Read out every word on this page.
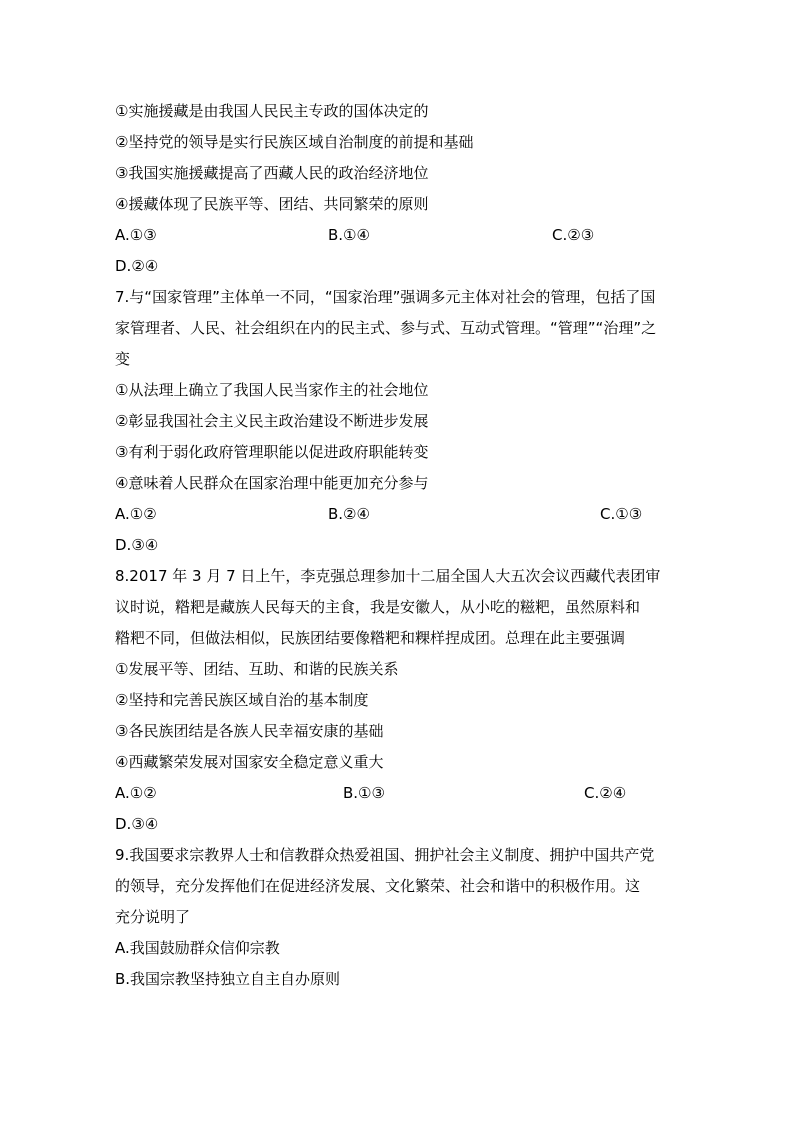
①实施援藏是由我国人民民主专政的国体决定的
②坚持党的领导是实行民族区域自治制度的前提和基础
③我国实施援藏提高了西藏人民的政治经济地位
④援藏体现了民族平等、团结、共同繁荣的原则
A.①③	B.①④	C.②③
D.②④
7.与“国家管理”主体单一不同，“国家治理”强调多元主体对社会的管理，包括了国
家管理者、人民、社会组织在内的民主式、参与式、互动式管理。“管理”“治理”之
变
①从法理上确立了我国人民当家作主的社会地位
②彰显我国社会主义民主政治建设不断进步发展
③有利于弱化政府管理职能以促进政府职能转变
④意味着人民群众在国家治理中能更加充分参与
A.①②	B.②④	C.①③
D.③④
8.2017 年 3 月 7 日上午，李克强总理参加十二届全国人大五次会议西藏代表团审
议时说，糌粑是藏族人民每天的主食，我是安徽人，从小吃的糍粑，虽然原料和
糌粑不同，但做法相似，民族团结要像糌粑和粿样捏成团。总理在此主要强调
①发展平等、团结、互助、和谐的民族关系
②坚持和完善民族区域自治的基本制度
③各民族团结是各族人民幸福安康的基础
④西藏繁荣发展对国家安全稳定意义重大
A.①②	B.①③	C.②④
D.③④
9.我国要求宗教界人士和信教群众热爱祖国、拥护社会主义制度、拥护中国共产党
的领导，充分发挥他们在促进经济发展、文化繁荣、社会和谐中的积极作用。这
充分说明了
A.我国鼓励群众信仰宗教
B.我国宗教坚持独立自主自办原则
